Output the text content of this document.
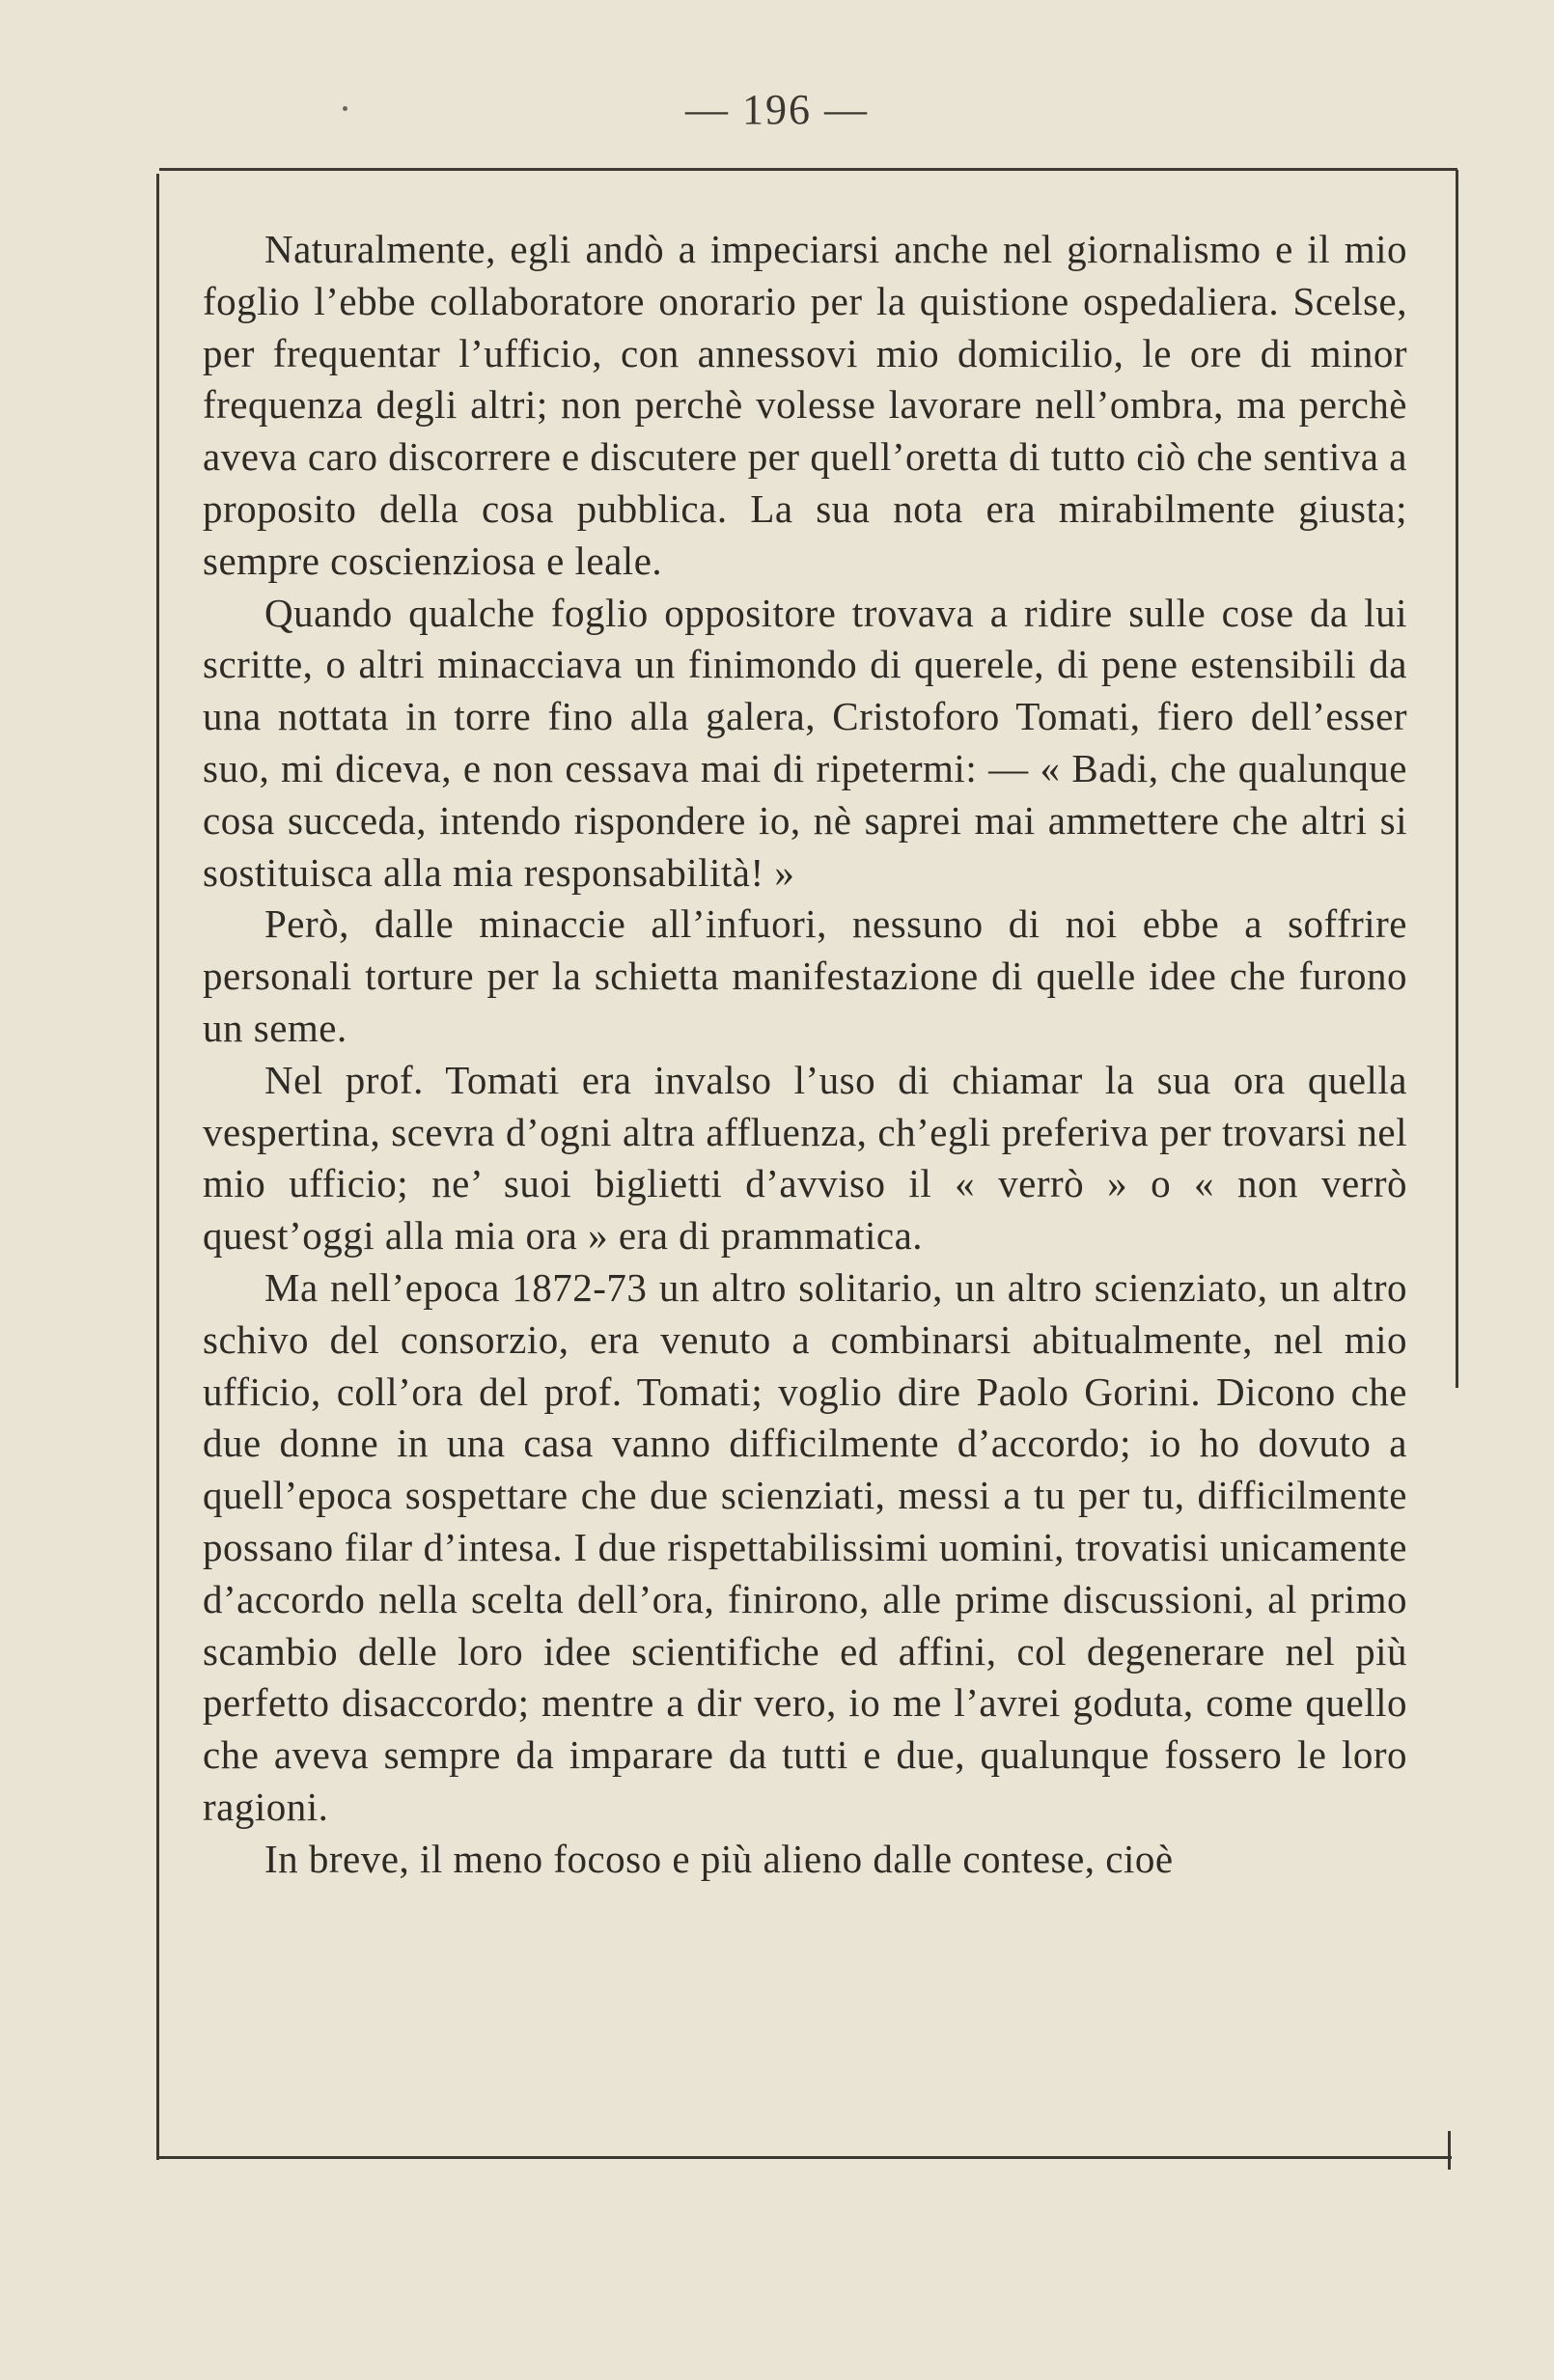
— 196 —

Naturalmente, egli andò a impeciarsi anche nel giornalismo e il mio foglio l’ebbe collaboratore onorario per la quistione ospedaliera. Scelse, per frequentar l’ufficio, con annessovi mio domicilio, le ore di minor frequenza degli altri; non perchè volesse lavorare nell’ombra, ma perchè aveva caro discorrere e discutere per quell’oretta di tutto ciò che sentiva a proposito della cosa pubblica. La sua nota era mirabilmente giusta; sempre coscienziosa e leale.

Quando qualche foglio oppositore trovava a ridire sulle cose da lui scritte, o altri minacciava un finimondo di querele, di pene estensibili da una nottata in torre fino alla galera, Cristoforo Tomati, fiero dell’esser suo, mi diceva, e non cessava mai di ripetermi: — « Badi, che qualunque cosa succeda, intendo rispondere io, nè saprei mai ammettere che altri si sostituisca alla mia responsabilità! »

Però, dalle minaccie all’infuori, nessuno di noi ebbe a soffrire personali torture per la schietta manifestazione di quelle idee che furono un seme.

Nel prof. Tomati era invalso l’uso di chiamar la sua ora quella vespertina, scevra d’ogni altra affluenza, ch’egli preferiva per trovarsi nel mio ufficio; ne’ suoi biglietti d’avviso il « verrò » o « non verrò quest’oggi alla mia ora » era di prammatica.

Ma nell’epoca 1872-73 un altro solitario, un altro scienziato, un altro schivo del consorzio, era venuto a combinarsi abitualmente, nel mio ufficio, coll’ora del prof. Tomati; voglio dire Paolo Gorini. Dicono che due donne in una casa vanno difficilmente d’accordo; io ho dovuto a quell’epoca sospettare che due scienziati, messi a tu per tu, difficilmente possano filar d’intesa. I due rispettabilissimi uomini, trovatisi unicamente d’accordo nella scelta dell’ora, finirono, alle prime discussioni, al primo scambio delle loro idee scientifiche ed affini, col degenerare nel più perfetto disaccordo; mentre a dir vero, io me l’avrei goduta, come quello che aveva sempre da imparare da tutti e due, qualunque fossero le loro ragioni.

In breve, il meno focoso e più alieno dalle contese, cioè
